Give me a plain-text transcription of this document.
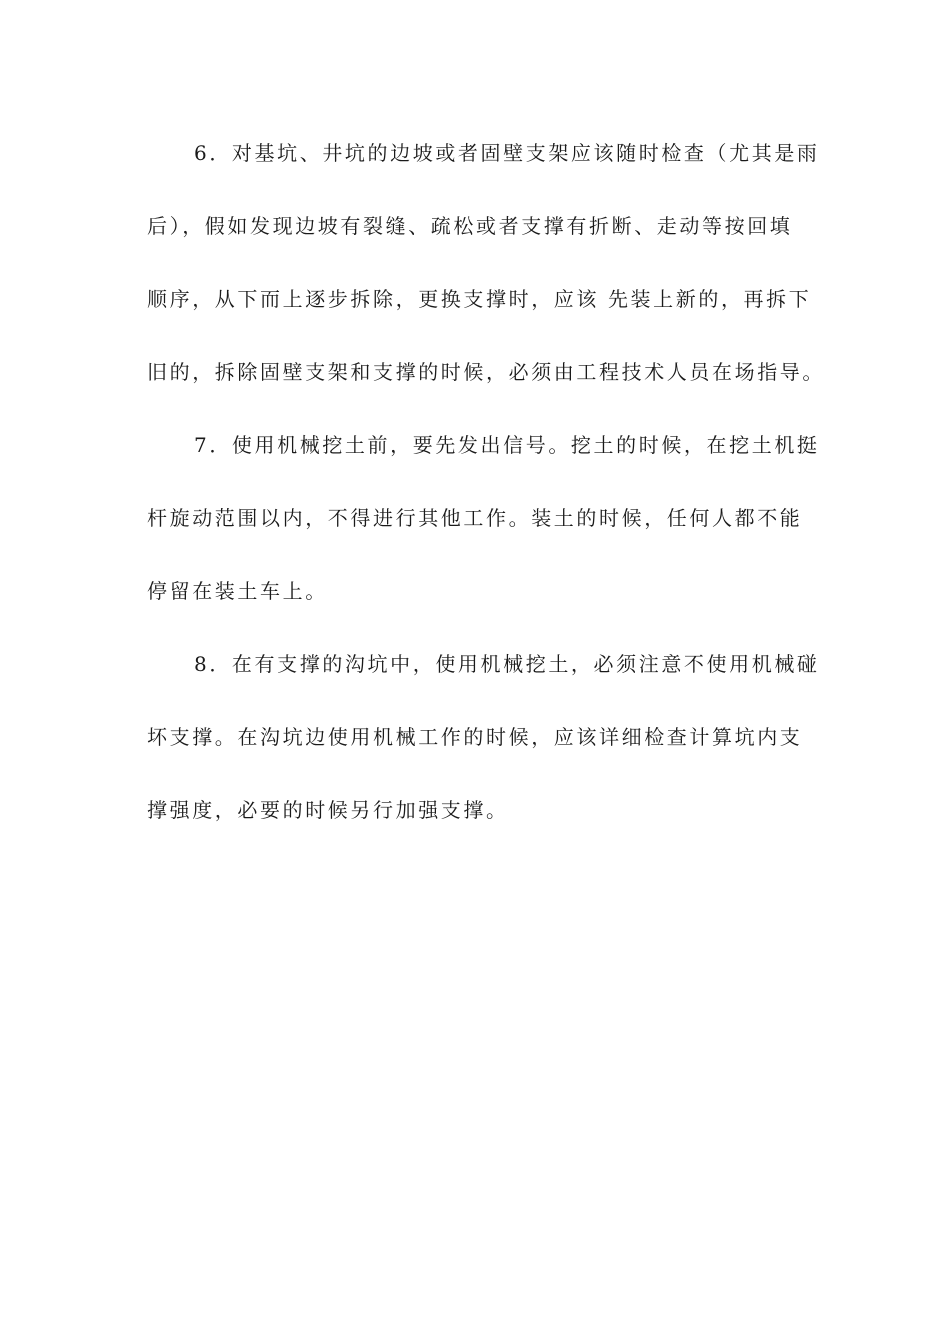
6．对基坑、井坑的边坡或者固壁支架应该随时检查（尤其是雨
后），假如发现边坡有裂缝、疏松或者支撑有折断、走动等按回填
顺序，从下而上逐步拆除，更换支撑时，应该 先装上新的，再拆下
旧的，拆除固壁支架和支撑的时候，必须由工程技术人员在场指导。
7．使用机械挖土前，要先发出信号。挖土的时候，在挖土机挺
杆旋动范围以内，不得进行其他工作。装土的时候，任何人都不能
停留在装土车上。
8．在有支撑的沟坑中，使用机械挖土，必须注意不使用机械碰
坏支撑。在沟坑边使用机械工作的时候，应该详细检查计算坑内支
撑强度，必要的时候另行加强支撑。
